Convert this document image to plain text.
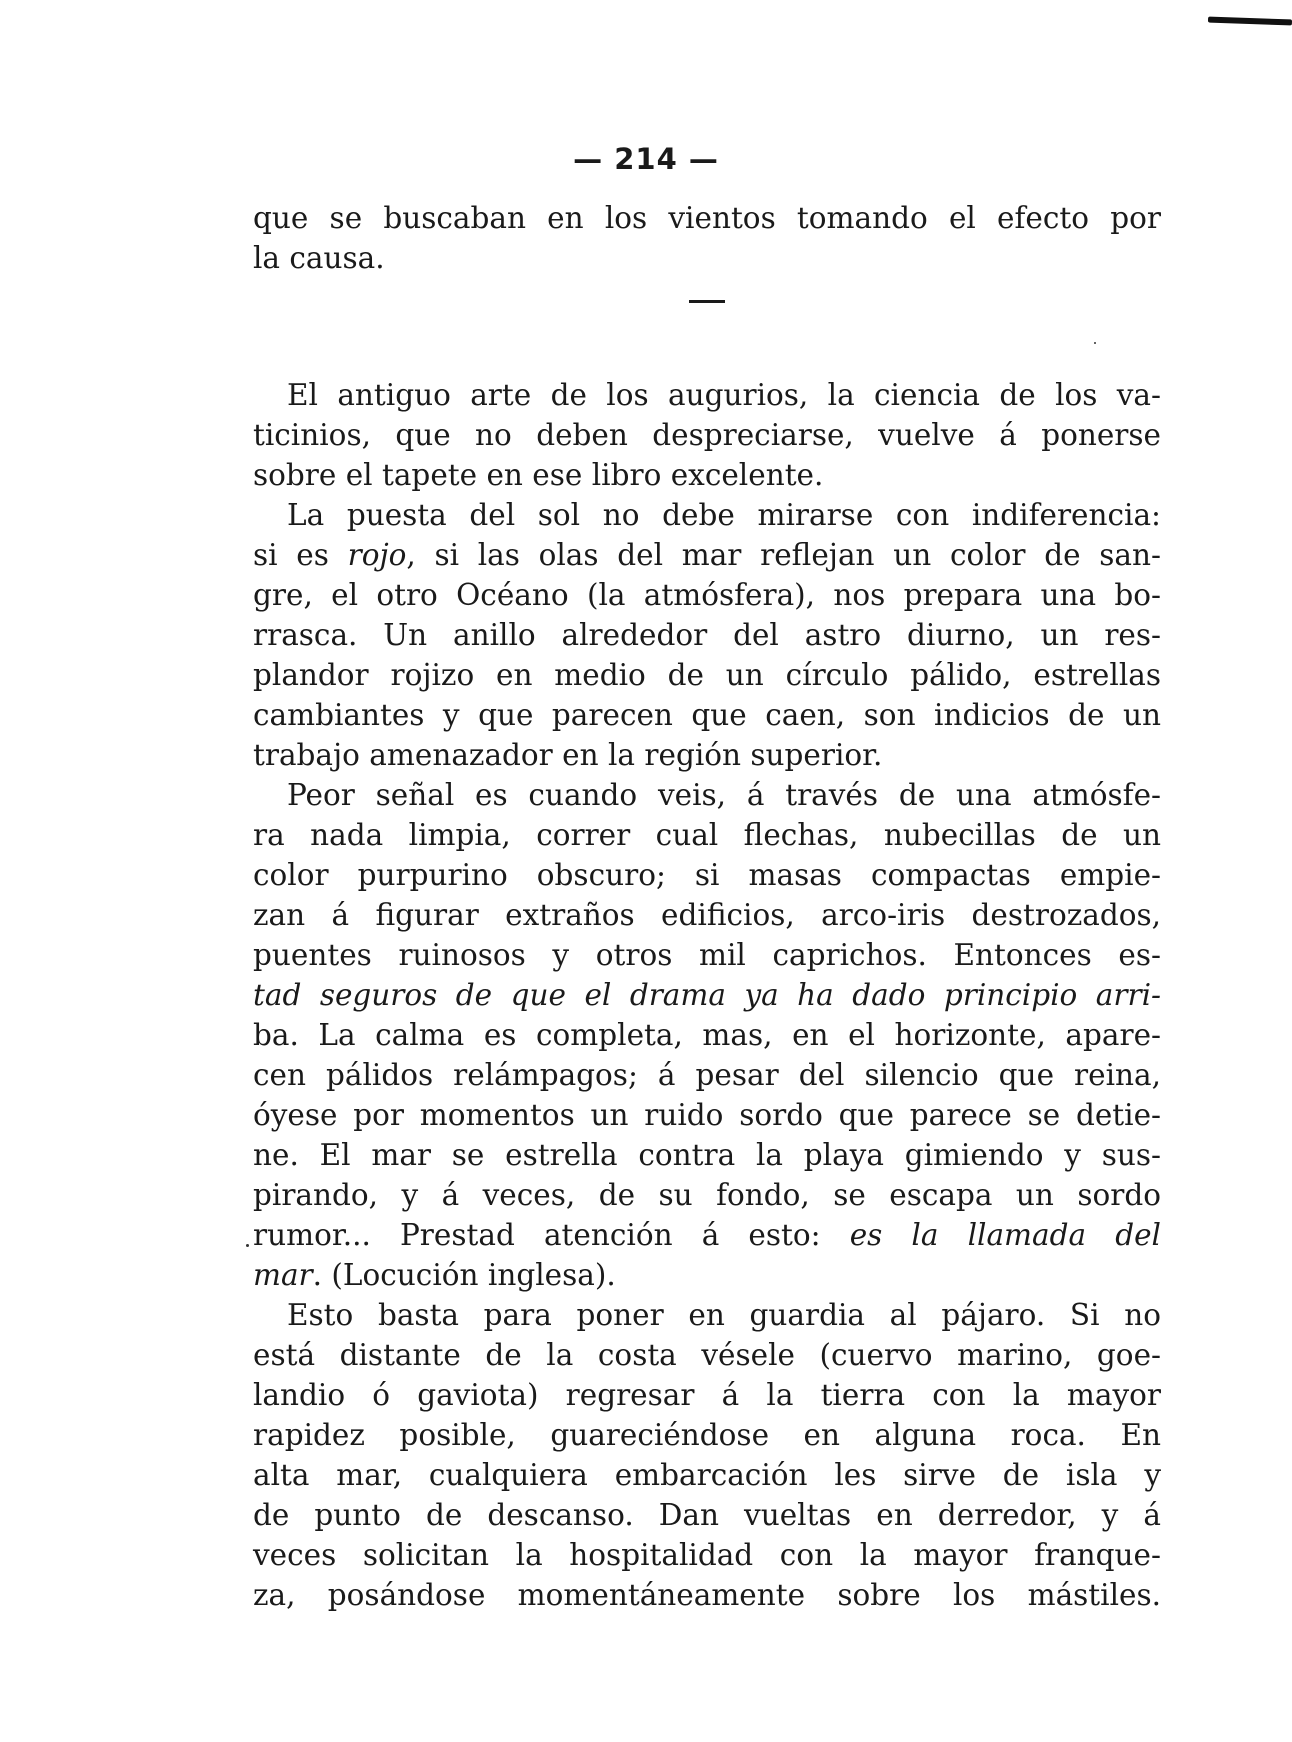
— 214 —
que se buscaban en los vientos tomando el efecto por
la causa.
El antiguo arte de los augurios, la ciencia de los va-
ticinios, que no deben despreciarse, vuelve á ponerse
sobre el tapete en ese libro excelente.
La puesta del sol no debe mirarse con indiferencia:
si es rojo, si las olas del mar reflejan un color de san-
gre, el otro Océano (la atmósfera), nos prepara una bo-
rrasca. Un anillo alrededor del astro diurno, un res-
plandor rojizo en medio de un círculo pálido, estrellas
cambiantes y que parecen que caen, son indicios de un
trabajo amenazador en la región superior.
Peor señal es cuando veis, á través de una atmósfe-
ra nada limpia, correr cual flechas, nubecillas de un
color purpurino obscuro; si masas compactas empie-
zan á figurar extraños edificios, arco-iris destrozados,
puentes ruinosos y otros mil caprichos. Entonces es-
tad seguros de que el drama ya ha dado principio arri-
ba. La calma es completa, mas, en el horizonte, apare-
cen pálidos relámpagos; á pesar del silencio que reina,
óyese por momentos un ruido sordo que parece se detie-
ne. El mar se estrella contra la playa gimiendo y sus-
pirando, y á veces, de su fondo, se escapa un sordo
rumor... Prestad atención á esto: es la llamada del
mar. (Locución inglesa).
Esto basta para poner en guardia al pájaro. Si no
está distante de la costa vésele (cuervo marino, goe-
landio ó gaviota) regresar á la tierra con la mayor
rapidez posible, guareciéndose en alguna roca. En
alta mar, cualquiera embarcación les sirve de isla y
de punto de descanso. Dan vueltas en derredor, y á
veces solicitan la hospitalidad con la mayor franque-
za, posándose momentáneamente sobre los mástiles.
